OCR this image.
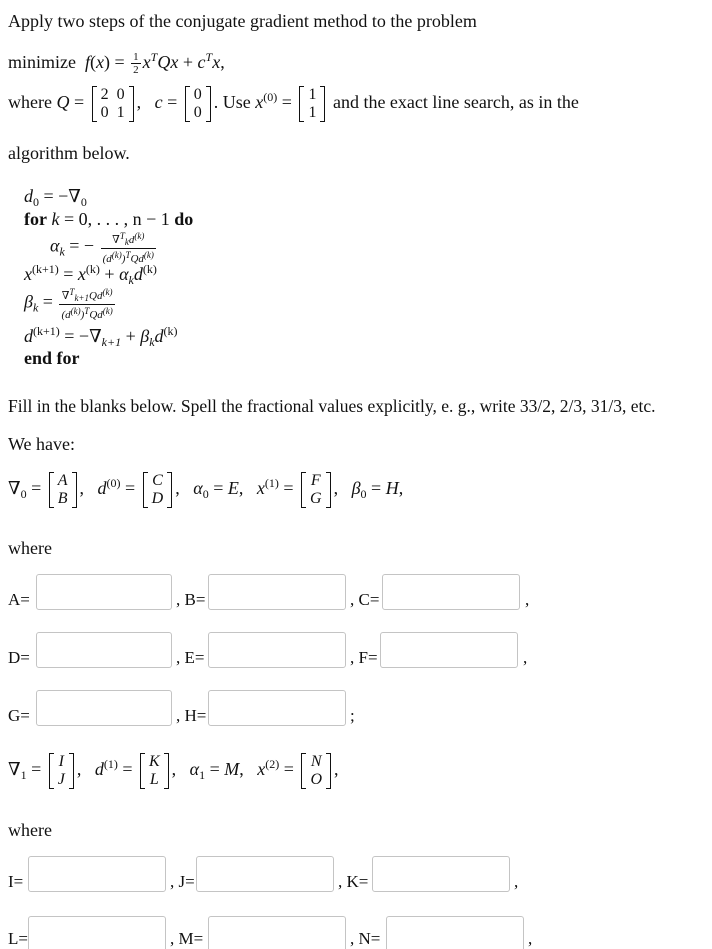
Apply two steps of the conjugate gradient method to the problem
minimize $f(x) = \frac{1}{2} x^TQx + c^Tx$,
where Q = 2	0
0	1
,   c = 0
0
. Use $x^{(0)} = 1$
1
and the exact line search, as in the
algorithm below.
$d_0 = -\nabla_0$
for k = 0, . . . , n − 1 do
$\alpha_k$ = − $\frac{\nabla^Tkd^{(k)}}{(d^{(k)})^TQd^{(k)}}$
$x^{(k+1)} = x^{(k)} + \alpha_kd^{(k)}$
$\beta_k = \frac{\nabla^Tk+1Qd^{(k)}}{(d^{(k)})^TQd^{(k)}}$
$d^{(k+1)} = -\nabla_{k+1} + \beta_kd^{(k)}$
end for
Fill in the blanks below. Spell the fractional values explicitly, e. g., write 33/2, 2/3, 31/3, etc.
We have:
$\nabla_0 = A$
B
,   $d^{(0)} = C$
D
,   $\alpha_0 = E$,   $x^{(1)} = F$
G
,   $\beta_0 = H$,
where
A=	, B=	, C=	,
D=	, E=	, F=	,
G=	, H=	;
$\nabla_1 = I$
J
,   $d^{(1)} = K$
L
,   $\alpha_1 = M$,   $x^{(2)} = N$
O
,
where
I=	, J=	, K=	,
L=	, M=	, N=	,
